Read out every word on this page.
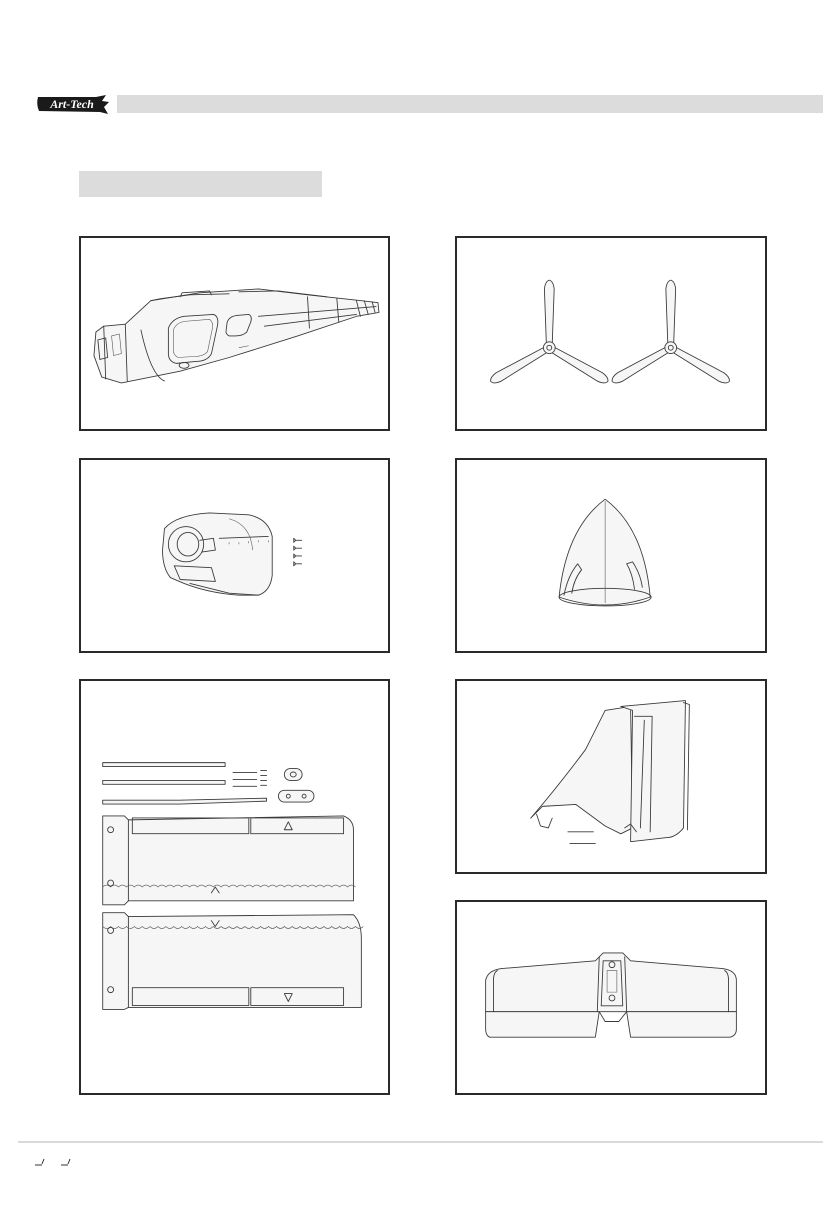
Art-Tech
